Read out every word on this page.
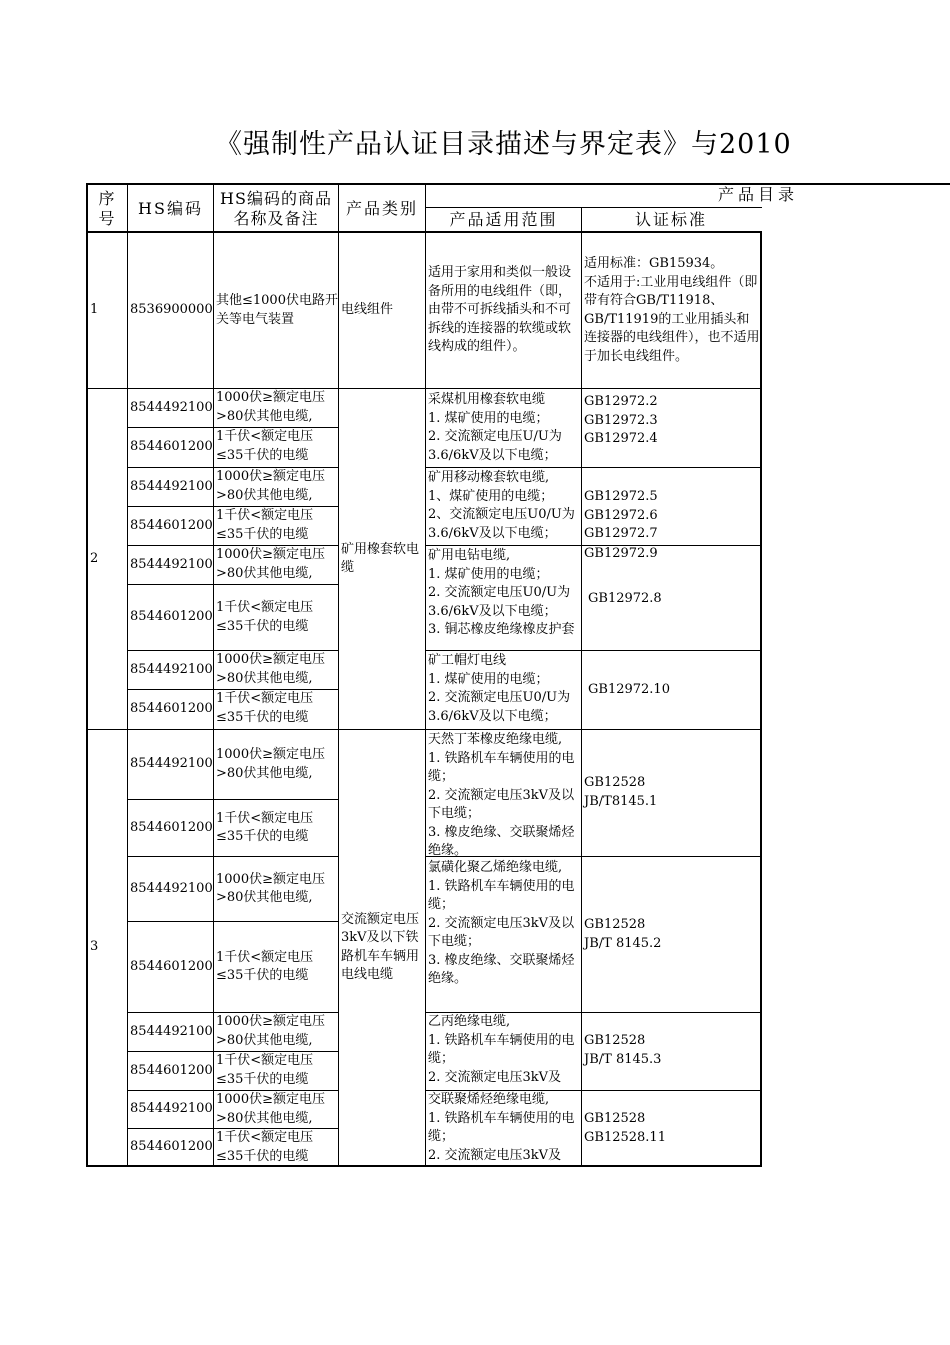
《强制性产品认证目录描述与界定表》与2010
序
号
HS编码
HS编码的商品
名称及备注
产品类别
产品目录
产品适用范围	认证标准
1	8536900000
其他≤1000伏电路开关等电气装置
电线组件
适用于家用和类似一般设备所用的电线组件（即，由带不可拆线插头和不可拆线的连接器的软缆或软线构成的组件）。
适用标准：GB15934。
不适用于:工业用电线组件（即带有符合GB/T11918、GB/T11919的工业用插头和连接器的电线组件），也不适用于加长电线组件。
2
矿用橡套软电缆
8544492100
1000伏≥额定电压>80伏其他电缆,
8544601200
1千伏<额定电压≤35千伏的电缆
8544492100
1000伏≥额定电压>80伏其他电缆,
8544601200
1千伏<额定电压≤35千伏的电缆
8544492100
1000伏≥额定电压>80伏其他电缆,
8544601200
1千伏<额定电压≤35千伏的电缆
8544492100
1000伏≥额定电压>80伏其他电缆,
8544601200
1千伏<额定电压≤35千伏的电缆
采煤机用橡套软电缆
1. 煤矿使用的电缆；
2. 交流额定电压U/U为3.6/6kV及以下电缆；
GB12972.2
GB12972.3
GB12972.4
矿用移动橡套软电缆,
1、煤矿使用的电缆；
2、交流额定电压U0/U为3.6/6kV及以下电缆；
GB12972.5
GB12972.6
GB12972.7
矿用电钻电缆,
1. 煤矿使用的电缆；
2. 交流额定电压U0/U为3.6/6kV及以下电缆；
3. 铜芯橡皮绝缘橡皮护套
GB12972.9
GB12972.8
矿工帽灯电线
1. 煤矿使用的电缆；
2. 交流额定电压U0/U为3.6/6kV及以下电缆；
GB12972.10
3
交流额定电压3kV及以下铁路机车车辆用电线电缆
8544492100
1000伏≥额定电压>80伏其他电缆,
8544601200
1千伏<额定电压≤35千伏的电缆
8544492100
1000伏≥额定电压>80伏其他电缆,
8544601200
1千伏<额定电压≤35千伏的电缆
8544492100
1000伏≥额定电压>80伏其他电缆,
8544601200
1千伏<额定电压≤35千伏的电缆
8544492100
1000伏≥额定电压>80伏其他电缆,
8544601200
1千伏<额定电压≤35千伏的电缆
天然丁苯橡皮绝缘电缆,
1. 铁路机车车辆使用的电缆；
2. 交流额定电压3kV及以下电缆；
3. 橡皮绝缘、交联聚烯烃绝缘。
GB12528
JB/T8145.1
氯磺化聚乙烯绝缘电缆,
1. 铁路机车车辆使用的电缆；
2. 交流额定电压3kV及以下电缆；
3. 橡皮绝缘、交联聚烯烃绝缘。
GB12528
JB/T 8145.2
乙丙绝缘电缆,
1. 铁路机车车辆使用的电缆；
2. 交流额定电压3kV及
GB12528
JB/T 8145.3
交联聚烯烃绝缘电缆,
1. 铁路机车车辆使用的电缆；
2. 交流额定电压3kV及
GB12528
GB12528.11
